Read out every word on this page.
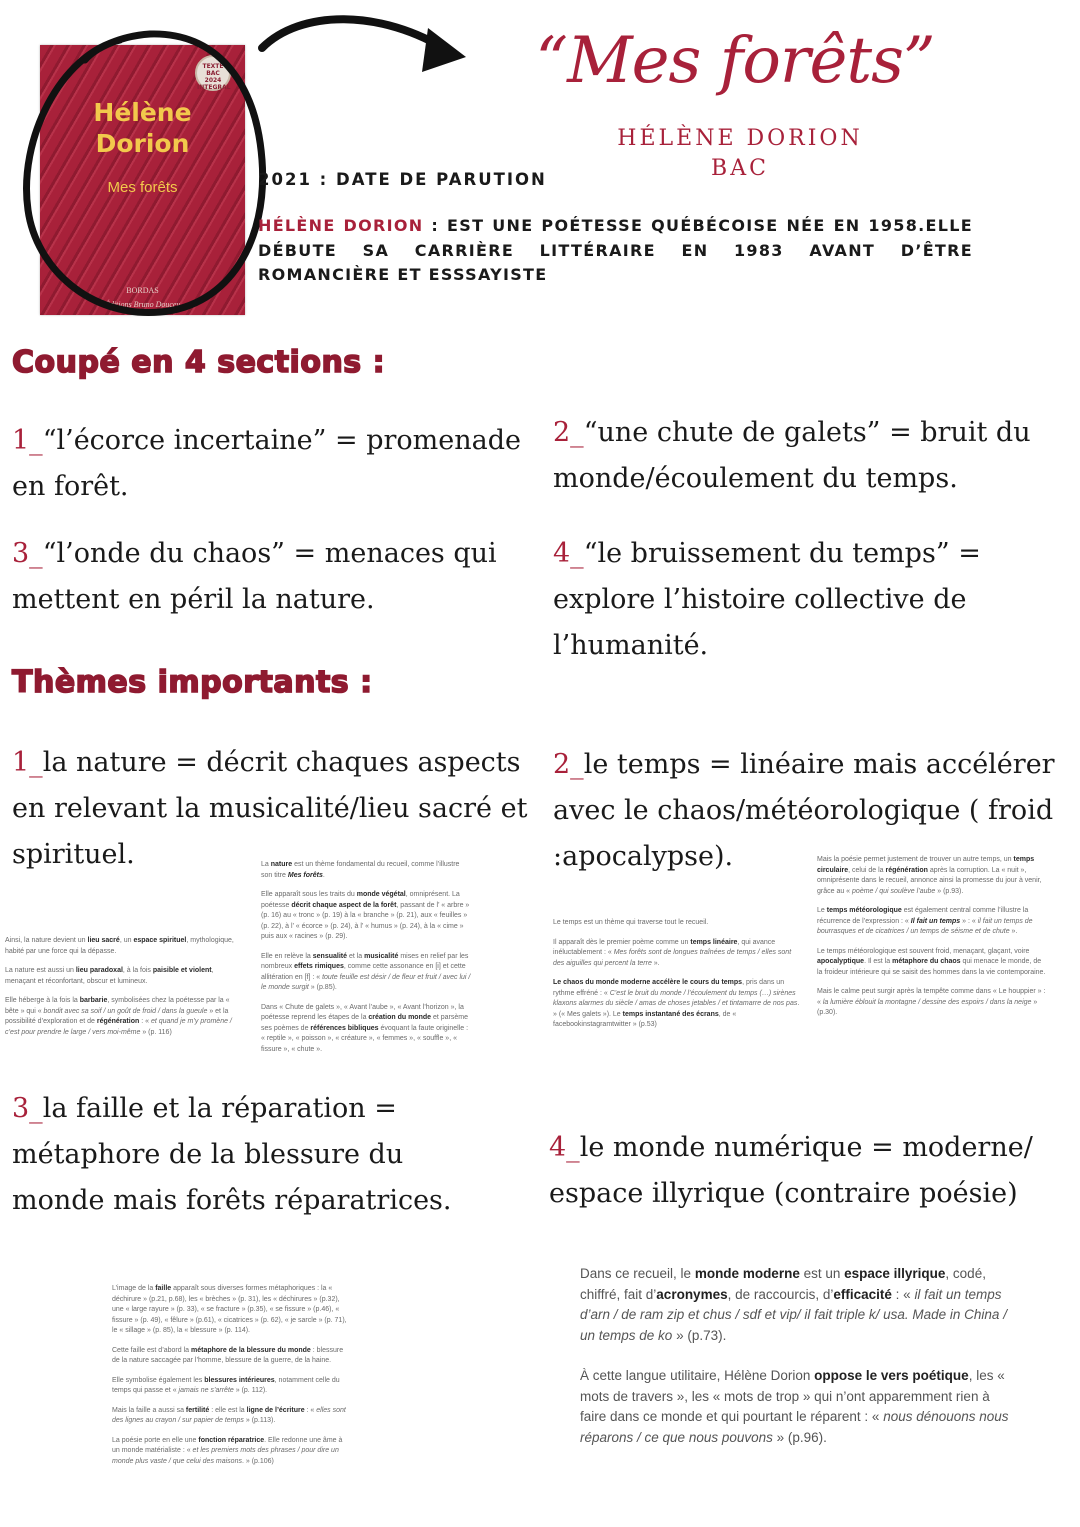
TEXTE
BAC
2024
INTEGRAL
Hélène
Dorion
Mes forêts
BORDAS
Éditions Bruno Doucey
“Mes forêts”
HÉLÈNE DORION
BAC
2021 : DATE DE PARUTION
HÉLÈNE DORION : EST UNE POÉTESSE QUÉBÉCOISE NÉE EN 1958.ELLE DÉBUTE SA CARRIÈRE LITTÉRAIRE EN 1983 AVANT D’ÊTRE ROMANCIÈRE ET ESSSAYISTE
Coupé en 4 sections :
1_“l’écorce incertaine” = promenade en forêt.
2_“une chute de galets” = bruit du monde/écoulement du temps.
3_“l’onde du chaos” = menaces qui mettent en péril la nature.
4_“le bruissement du temps” = explore l’histoire collective de l’humanité.
Thèmes importants :
1_la nature = décrit chaques aspects en relevant la musicalité/lieu sacré et spirituel.
2_le temps = linéaire mais accélérer avec le chaos/météorologique ( froid :apocalypse).

Ainsi, la nature devient un lieu sacré, un espace spirituel, mythologique, habité par une force qui la dépasse.

La nature est aussi un lieu paradoxal, à la fois paisible et violent, menaçant et réconfortant, obscur et lumineux.

Elle héberge à la fois la barbarie, symbolisées chez la poétesse par la « bête » qui « bondit avec sa soif / un goût de froid / dans la gueule » et la possibilité d’exploration et de régénération : « et quand je m’y promène / c’est pour prendre le large / vers moi-même » (p. 116)

La nature est un thème fondamental du recueil, comme l’illustre son titre Mes forêts.

Elle apparaît sous les traits du monde végétal, omniprésent. La poétesse décrit chaque aspect de la forêt, passant de l’ « arbre » (p. 16) au « tronc » (p. 19) à la « branche » (p. 21), aux « feuilles » (p. 22), à l’ « écorce » (p. 24), à l’ « humus » (p. 24), à la « cime » puis aux « racines » (p. 29).

Elle en relève la sensualité et la musicalité mises en relief par les nombreux effets rimiques, comme cette assonance en [i] et cette allitération en [f] : « toute feuille est désir / de fleur et fruit / avec lui / le monde surgit » (p.85).

Dans « Chute de galets », « Avant l’aube », « Avant l’horizon », la poétesse reprend les étapes de la création du monde et parsème ses poèmes de références bibliques évoquant la faute originelle : « reptile », « poisson », « créature », « femmes », « souffle », « fissure », « chute ».

Le temps est un thème qui traverse tout le recueil.

Il apparaît dès le premier poème comme un temps linéaire, qui avance inéluctablement : « Mes forêts sont de longues traînées de temps / elles sont des aiguilles qui percent la terre ».

Le chaos du monde moderne accélère le cours du temps, pris dans un rythme effréné : « C’est le bruit du monde / l’écoulement du temps (…) sirènes klaxons alarmes du siècle / amas de choses jetables / et tintamarre de nos pas. » (« Mes galets »). Le temps instantané des écrans, de « facebookinstagramtwitter » (p.53)

Mais la poésie permet justement de trouver un autre temps, un temps circulaire, celui de la régénération après la corruption. La « nuit », omniprésente dans le recueil, annonce ainsi la promesse du jour à venir, grâce au « poème / qui soulève l’aube » (p.93).

Le temps météorologique est également central comme l’illustre la récurrence de l’expression : « Il fait un temps » : « il fait un temps de bourrasques et de cicatrices / un temps de séisme et de chute ».

Le temps météorologique est souvent froid, menaçant, glaçant, voire apocalyptique. Il est la métaphore du chaos qui menace le monde, de la froideur intérieure qui se saisit des hommes dans la vie contemporaine.

Mais le calme peut surgir après la tempête comme dans « Le houppier » : « la lumière éblouit la montagne / dessine des espoirs / dans la neige » (p.30).

3_la faille et la réparation = métaphore de la blessure du monde mais forêts réparatrices.
4_le monde numérique = moderne/ espace illyrique (contraire poésie)

L’image de la faille apparaît sous diverses formes métaphoriques : la « déchirure » (p.21, p.68), les « brèches » (p. 31), les « déchirures » (p.32), une « large rayure » (p. 33), « se fracture » (p.35), « se fissure » (p.46), « fissure » (p. 49), « fêlure » (p.61), « cicatrices » (p. 62), « je sarcle » (p. 71), le « sillage » (p. 85), la « blessure » (p. 114).

Cette faille est d’abord la métaphore de la blessure du monde : blessure de la nature saccagée par l’homme, blessure de la guerre, de la haine.

Elle symbolise également les blessures intérieures, notamment celle du temps qui passe et « jamais ne s’arrête » (p. 112).

Mais la faille a aussi sa fertilité : elle est la ligne de l’écriture : « elles sont des lignes au crayon / sur papier de temps » (p.113).

La poésie porte en elle une fonction réparatrice. Elle redonne une âme à un monde matérialiste : « et les premiers mots des phrases / pour dire un monde plus vaste / que celui des maisons. » (p.106)

Dans ce recueil, le monde moderne est un espace illyrique, codé, chiffré, fait d’acronymes, de raccourcis, d’efficacité : « il fait un temps d’arn / de ram zip et chus / sdf et vip/ il fait triple k/ usa. Made in China / un temps de ko » (p.73).

À cette langue utilitaire, Hélène Dorion oppose le vers poétique, les « mots de travers », les « mots de trop » qui n’ont apparemment rien à faire dans ce monde et qui pourtant le réparent : « nous dénouons nous réparons / ce que nous pouvons » (p.96).
